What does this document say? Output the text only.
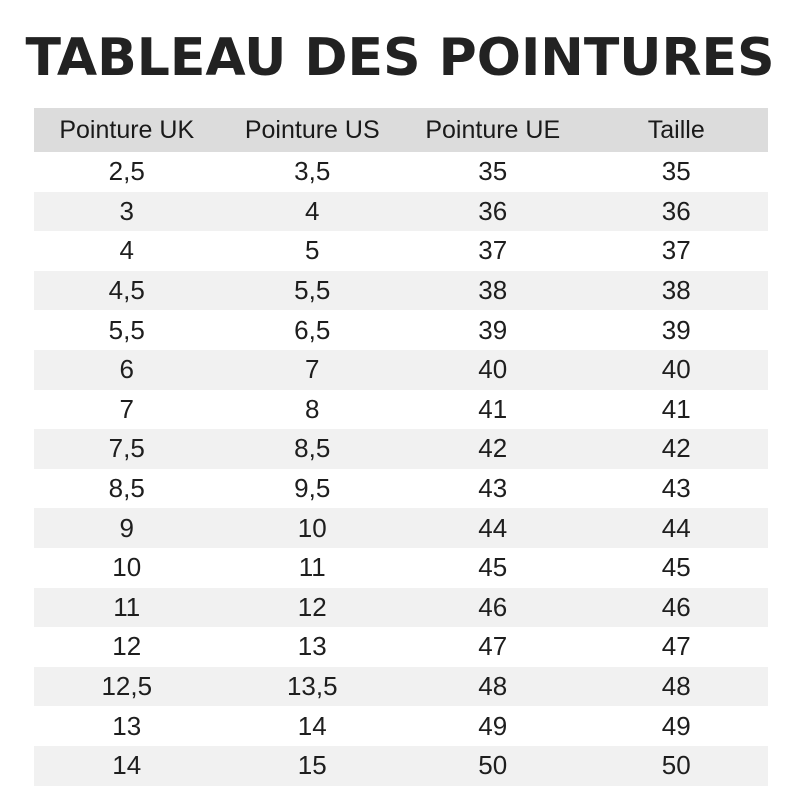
TABLEAU DES POINTURES
Pointure UK	Pointure US	Pointure UE	Taille
2,5	3,5	35	35
3	4	36	36
4	5	37	37
4,5	5,5	38	38
5,5	6,5	39	39
6	7	40	40
7	8	41	41
7,5	8,5	42	42
8,5	9,5	43	43
9	10	44	44
10	11	45	45
11	12	46	46
12	13	47	47
12,5	13,5	48	48
13	14	49	49
14	15	50	50
